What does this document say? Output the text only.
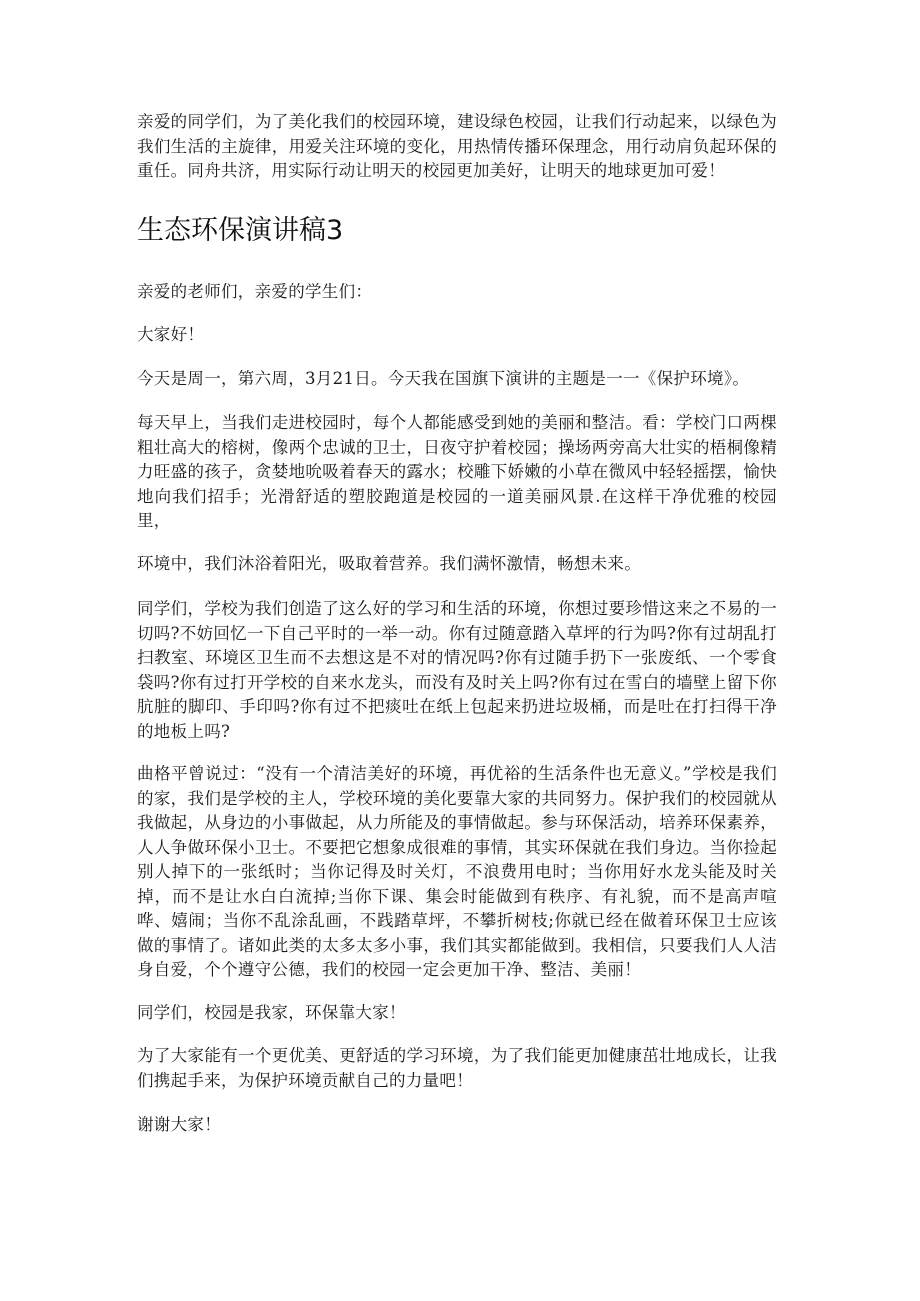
亲爱的同学们，为了美化我们的校园环境，建设绿色校园，让我们行动起来，以绿色为我们生活的主旋律，用爱关注环境的变化，用热情传播环保理念，用行动肩负起环保的重任。同舟共济，用实际行动让明天的校园更加美好，让明天的地球更加可爱！

生态环保演讲稿3

亲爱的老师们，亲爱的学生们：

大家好！

今天是周一，第六周，3月21日。今天我在国旗下演讲的主题是一一《保护环境》。

每天早上，当我们走进校园时，每个人都能感受到她的美丽和整洁。看：学校门口两棵粗壮高大的榕树，像两个忠诚的卫士，日夜守护着校园；操场两旁高大壮实的梧桐像精力旺盛的孩子，贪婪地吮吸着春天的露水；校雕下娇嫩的小草在微风中轻轻摇摆，愉快地向我们招手；光滑舒适的塑胶跑道是校园的一道美丽风景.在这样干净优雅的校园里，

环境中，我们沐浴着阳光，吸取着营养。我们满怀激情，畅想未来。

同学们，学校为我们创造了这么好的学习和生活的环境，你想过要珍惜这来之不易的一切吗?不妨回忆一下自己平时的一举一动。你有过随意踏入草坪的行为吗?你有过胡乱打扫教室、环境区卫生而不去想这是不对的情况吗?你有过随手扔下一张废纸、一个零食袋吗?你有过打开学校的自来水龙头，而没有及时关上吗?你有过在雪白的墙壁上留下你肮脏的脚印、手印吗?你有过不把痰吐在纸上包起来扔进垃圾桶，而是吐在打扫得干净的地板上吗?

曲格平曾说过：“没有一个清洁美好的环境，再优裕的生活条件也无意义。”学校是我们的家，我们是学校的主人，学校环境的美化要靠大家的共同努力。保护我们的校园就从我做起，从身边的小事做起，从力所能及的事情做起。参与环保活动，培养环保素养，人人争做环保小卫士。不要把它想象成很难的事情，其实环保就在我们身边。当你捡起别人掉下的一张纸时；当你记得及时关灯，不浪费用电时；当你用好水龙头能及时关掉，而不是让水白白流掉;当你下课、集会时能做到有秩序、有礼貌，而不是高声喧哗、嬉闹；当你不乱涂乱画，不践踏草坪，不攀折树枝;你就已经在做着环保卫士应该做的事情了。诸如此类的太多太多小事，我们其实都能做到。我相信，只要我们人人洁身自爱，个个遵守公德，我们的校园一定会更加干净、整洁、美丽！

同学们，校园是我家，环保靠大家！

为了大家能有一个更优美、更舒适的学习环境，为了我们能更加健康茁壮地成长，让我们携起手来，为保护环境贡献自己的力量吧！

谢谢大家！
